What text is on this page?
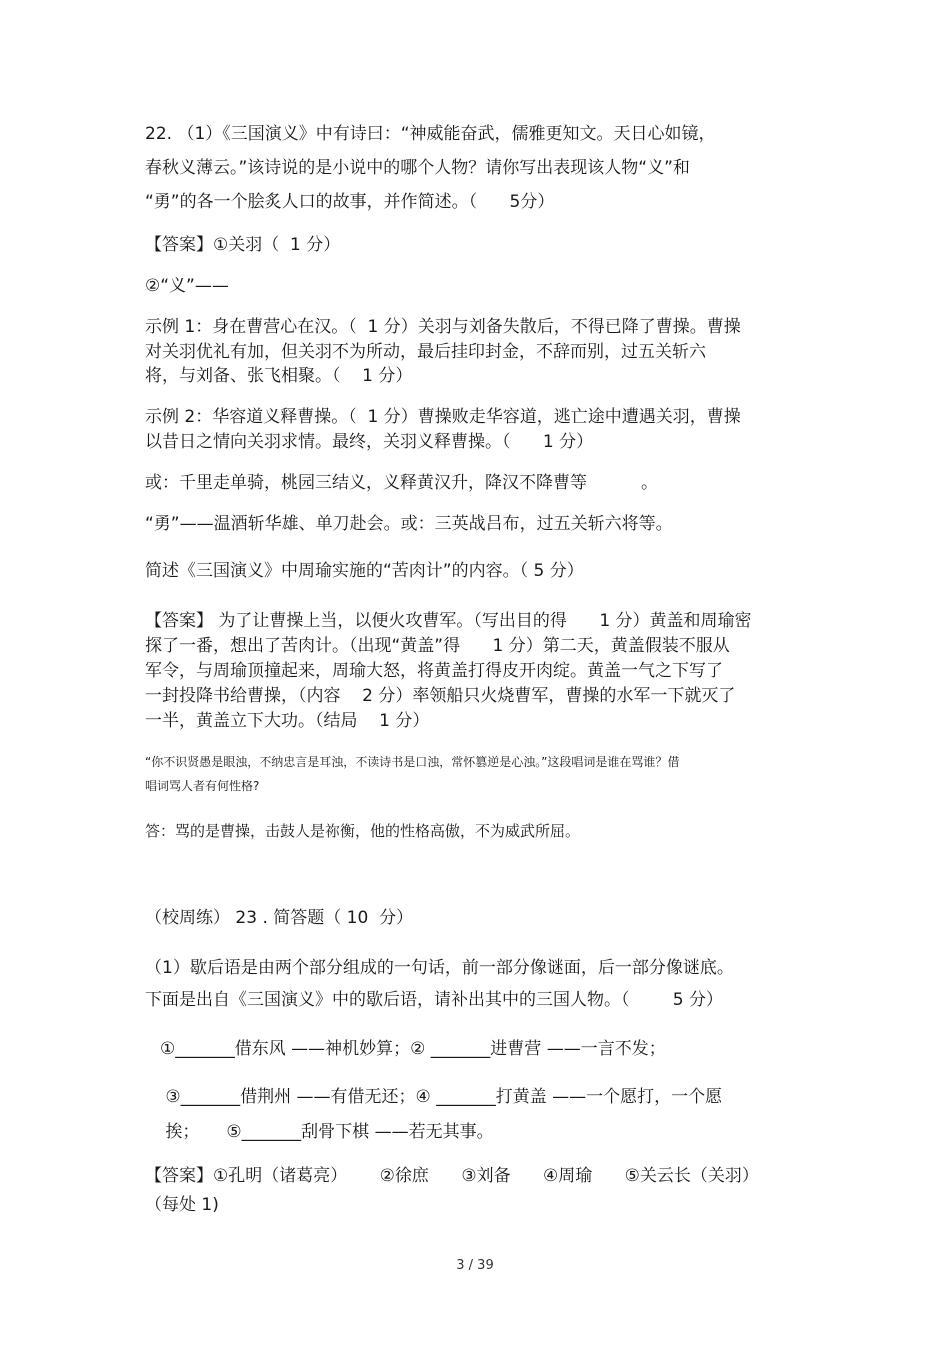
22. （1）《三国演义》中有诗曰：“神威能奋武，儒雅更知文。天日心如镜，
春秋义薄云。”该诗说的是小说中的哪个人物？请你写出表现该人物“义”和
“勇”的各一个脍炙人口的故事，并作简述。（      5分）
【答案】①关羽（  1 分）
②“义”——
示例 1：身在曹营心在汉。（  1 分）关羽与刘备失散后，不得已降了曹操。曹操
对关羽优礼有加，但关羽不为所动，最后挂印封金，不辞而别，过五关斩六
将，与刘备、张飞相聚。（    1 分）
示例 2：华容道义释曹操。（  1 分）曹操败走华容道，逃亡途中遭遇关羽，曹操
以昔日之情向关羽求情。最终，关羽义释曹操。（      1 分）
或：千里走单骑，桃园三结义，义释黄汉升，降汉不降曹等          。
“勇”——温酒斩华雄、单刀赴会。或：三英战吕布，过五关斩六将等。
简述《三国演义》中周瑜实施的“苦肉计”的内容。（ 5 分）
【答案】 为了让曹操上当，以便火攻曹军。（写出目的得      1 分）黄盖和周瑜密
探了一番，想出了苦肉计。（出现“黄盖”得      1 分）第二天，黄盖假装不服从
军令，与周瑜顶撞起来，周瑜大怒，将黄盖打得皮开肉绽。黄盖一气之下写了
一封投降书给曹操，（内容    2 分）率领船只火烧曹军，曹操的水军一下就灭了
一半，黄盖立下大功。（结局    1 分）
“你不识贤愚是眼浊，不纳忠言是耳浊，不读诗书是口浊，常怀篡逆是心浊。”这段唱词是谁在骂谁？借
唱词骂人者有何性格?
答：骂的是曹操，击鼓人是祢衡，他的性格高傲，不为威武所屈。
（校周练） 23 . 简答题（ 10  分）
（1）歇后语是由两个部分组成的一句话，前一部分像谜面，后一部分像谜底。
下面是出自《三国演义》中的歇后语，请补出其中的三国人物。（        5 分）
①_______借东风 ——神机妙算；② _______进曹营 ——一言不发；
③_______借荆州 ——有借无还；④ _______打黄盖 ——一个愿打，一个愿
挨；     ⑤_______刮骨下棋 ——若无其事。
【答案】①孔明（诸葛亮）      ②徐庶      ③刘备      ④周瑜      ⑤关云长（关羽）
（每处 1)
3 / 39
